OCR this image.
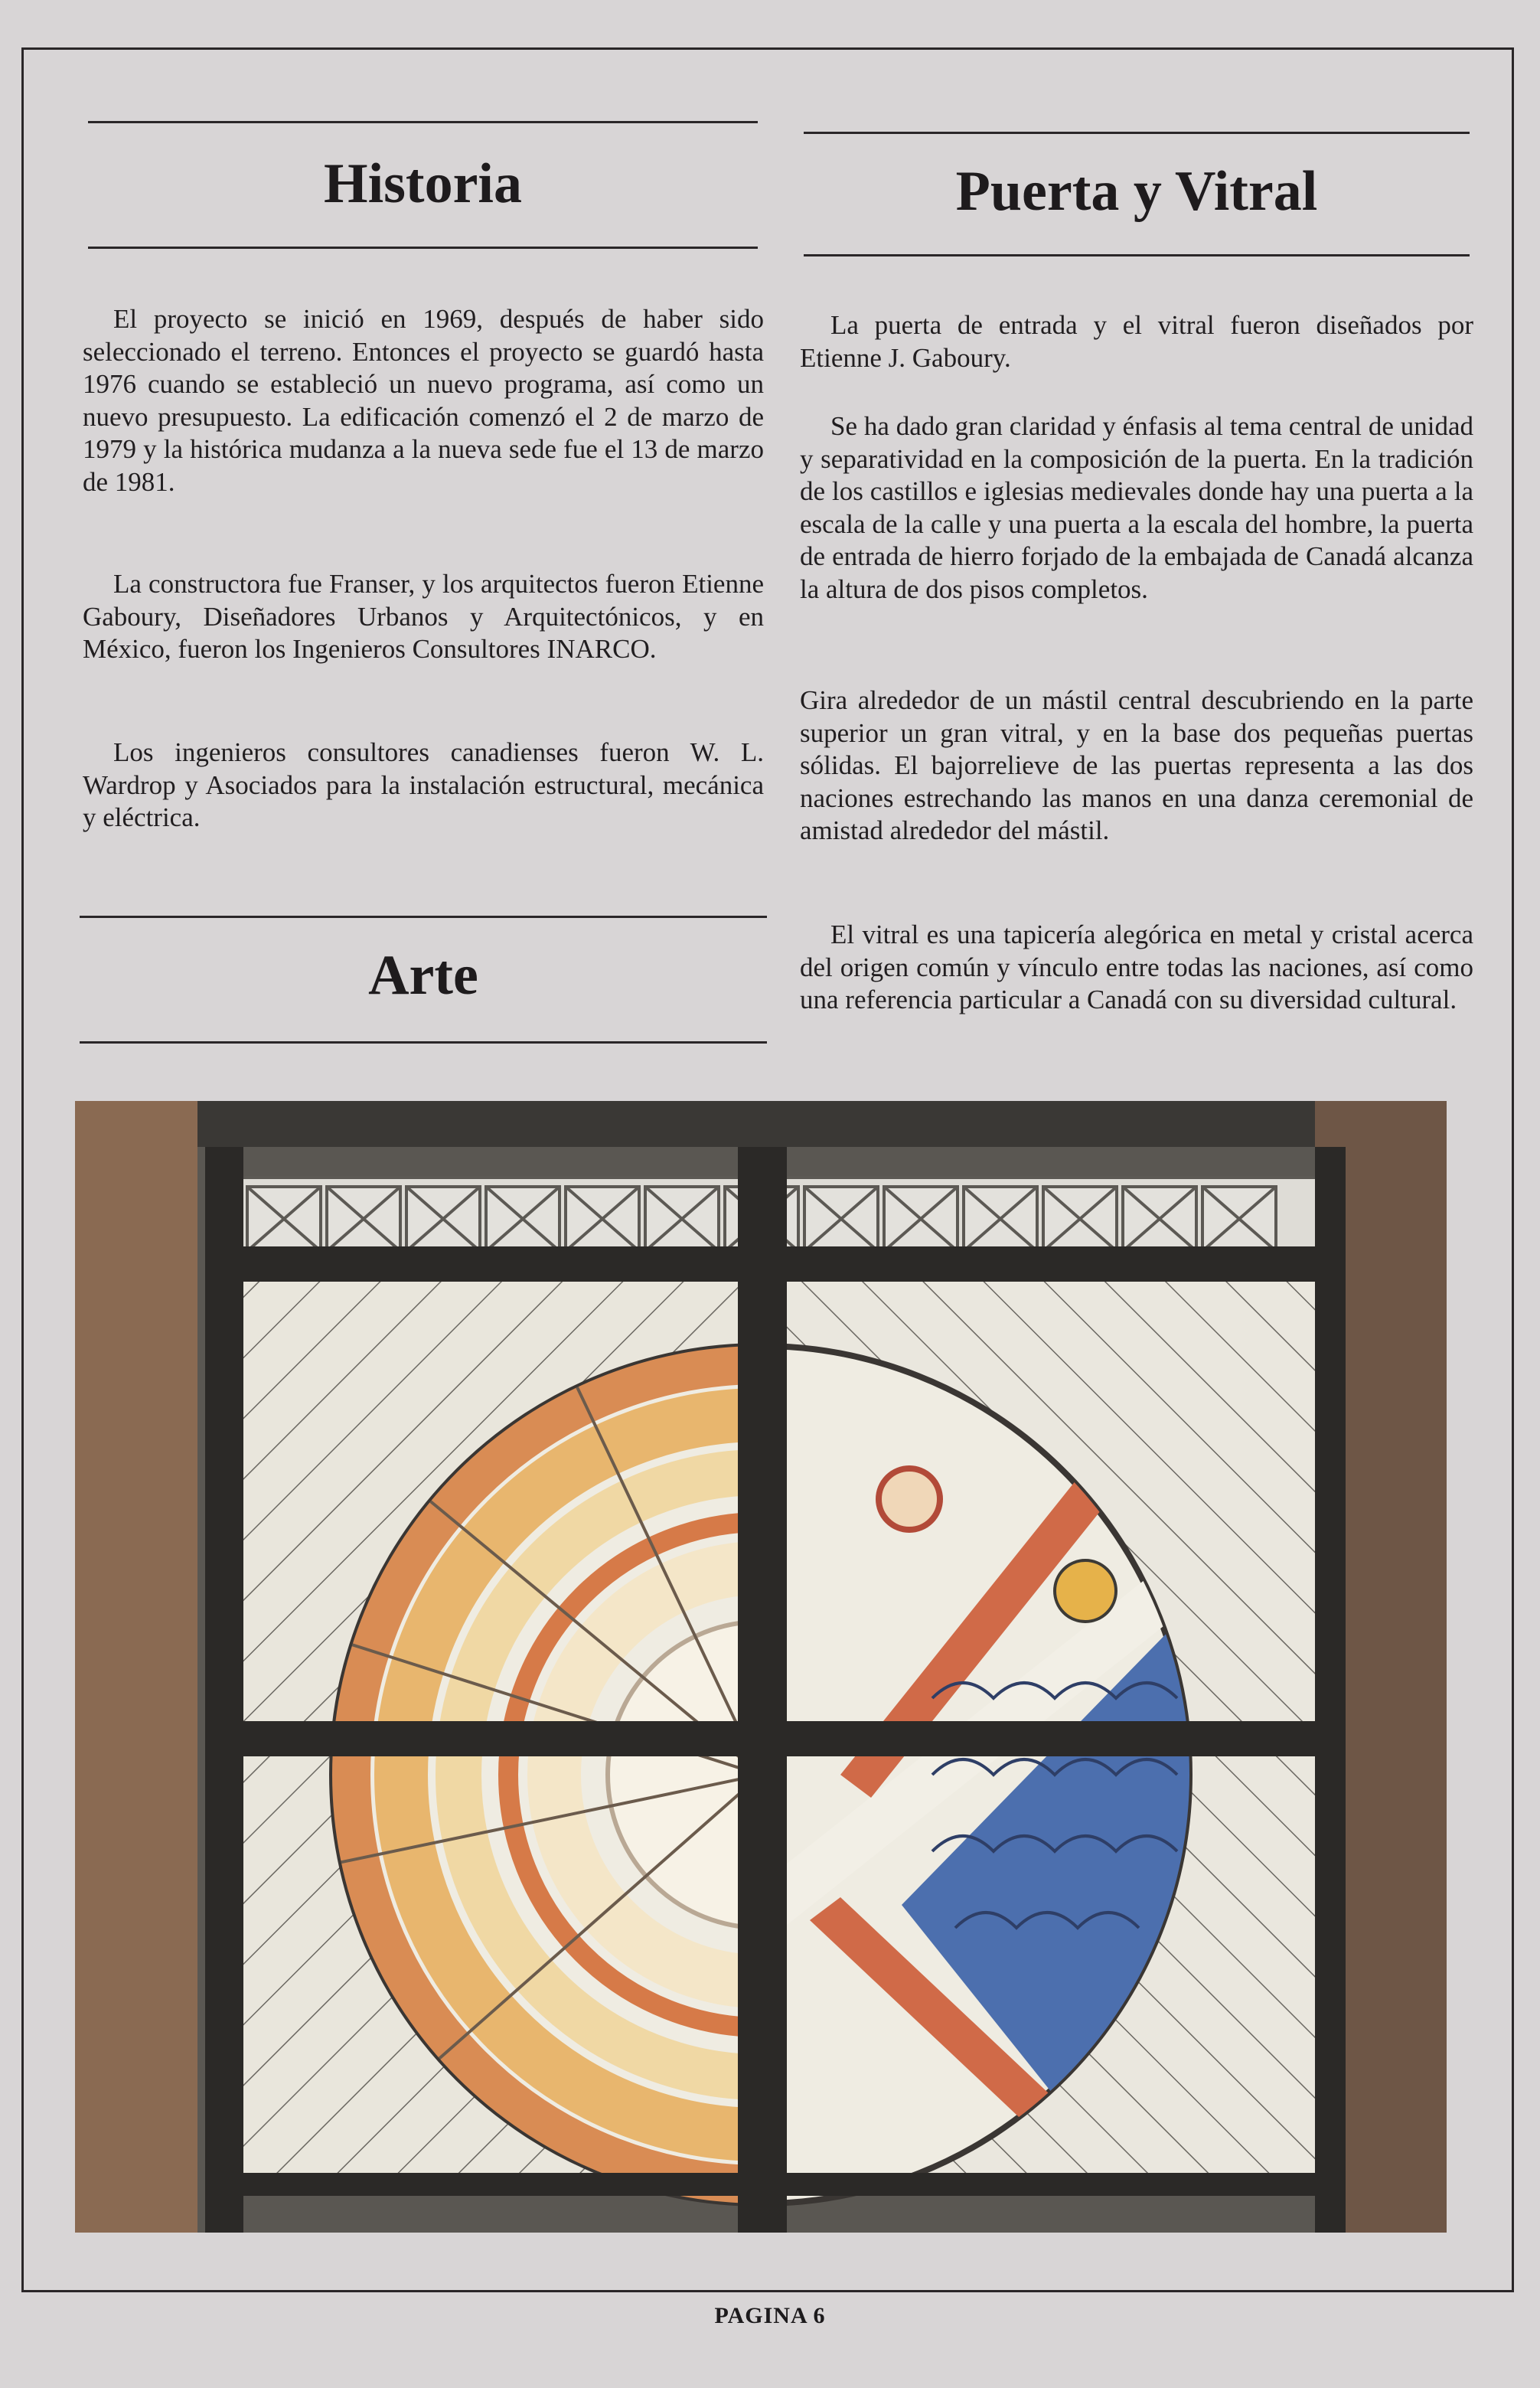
Historia

El proyecto se inició en 1969, después de haber sido seleccionado el terreno. Entonces el proyecto se guardó hasta 1976 cuando se estableció un nuevo programa, así como un nuevo presupuesto. La edificación comenzó el 2 de marzo de 1979 y la histórica mudanza a la nueva sede fue el 13 de marzo de 1981.

La constructora fue Franser, y los arquitectos fueron Etienne Gaboury, Diseñadores Urbanos y Arquitectónicos, y en México, fueron los Ingenieros Consultores INARCO.

Los ingenieros consultores canadienses fueron W. L. Wardrop y Asociados para la instalación estructural, mecánica y eléctrica.

Arte
Puerta y Vitral

La puerta de entrada y el vitral fueron diseñados por Etienne J. Gaboury.

Se ha dado gran claridad y énfasis al tema central de unidad y separatividad en la composición de la puerta. En la tradición de los castillos e iglesias medievales donde hay una puerta a la escala de la calle y una puerta a la escala del hombre, la puerta de entrada de hierro forjado de la embajada de Canadá alcanza la altura de dos pisos completos.

Gira alrededor de un mástil central descubriendo en la parte superior un gran vitral, y en la base dos pequeñas puertas sólidas. El bajorrelieve de las puertas representa a las dos naciones estrechando las manos en una danza ceremonial de amistad alrededor del mástil.

El vitral es una tapicería alegórica en metal y cristal acerca del origen común y vínculo entre todas las naciones, así como una referencia particular a Canadá con su diversidad cultural.

PAGINA 6
